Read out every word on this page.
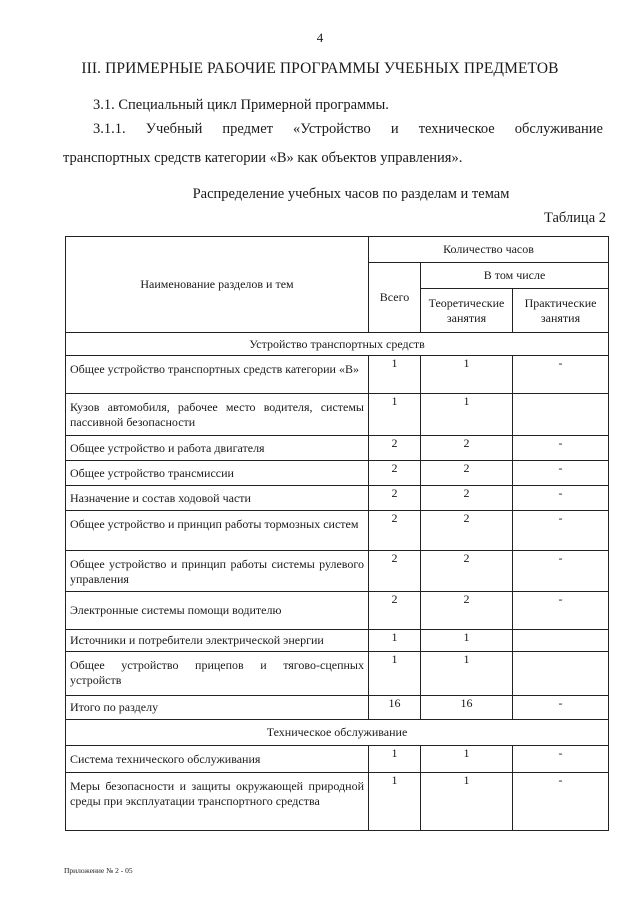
4
III. ПРИМЕРНЫЕ РАБОЧИЕ ПРОГРАММЫ УЧЕБНЫХ ПРЕДМЕТОВ
3.1. Специальный цикл Примерной программы.
3.1.1. Учебный предмет «Устройство и техническое обслуживание
транспортных средств категории «В» как объектов управления».
Распределение учебных часов по разделам и темам
Таблица 2
Наименование разделов и тем	Количество часов		
	Всего	В том числе	
		Теоретические занятия	Практические занятия
Устройство транспортных средств			
Общее устройство транспортных средств категории «В»	1	1	-
Кузов автомобиля, рабочее место водителя, системы пассивной безопасности	1	1	
Общее устройство и работа двигателя	2	2	-
Общее устройство трансмиссии	2	2	-
Назначение и состав ходовой части	2	2	-
Общее устройство и принцип работы тормозных систем	2	2	-
Общее устройство и принцип работы системы рулевого управления	2	2	-
Электронные системы помощи водителю	2	2	-
Источники и потребители электрической энергии	1	1	
Общее устройство прицепов и тягово-сцепных устройств	1	1	
Итого по разделу	16	16	-
Техническое обслуживание			
Система технического обслуживания	1	1	-
Меры безопасности и защиты окружающей природной среды при эксплуатации транспортного средства	1	1	-
Приложение № 2 - 05
